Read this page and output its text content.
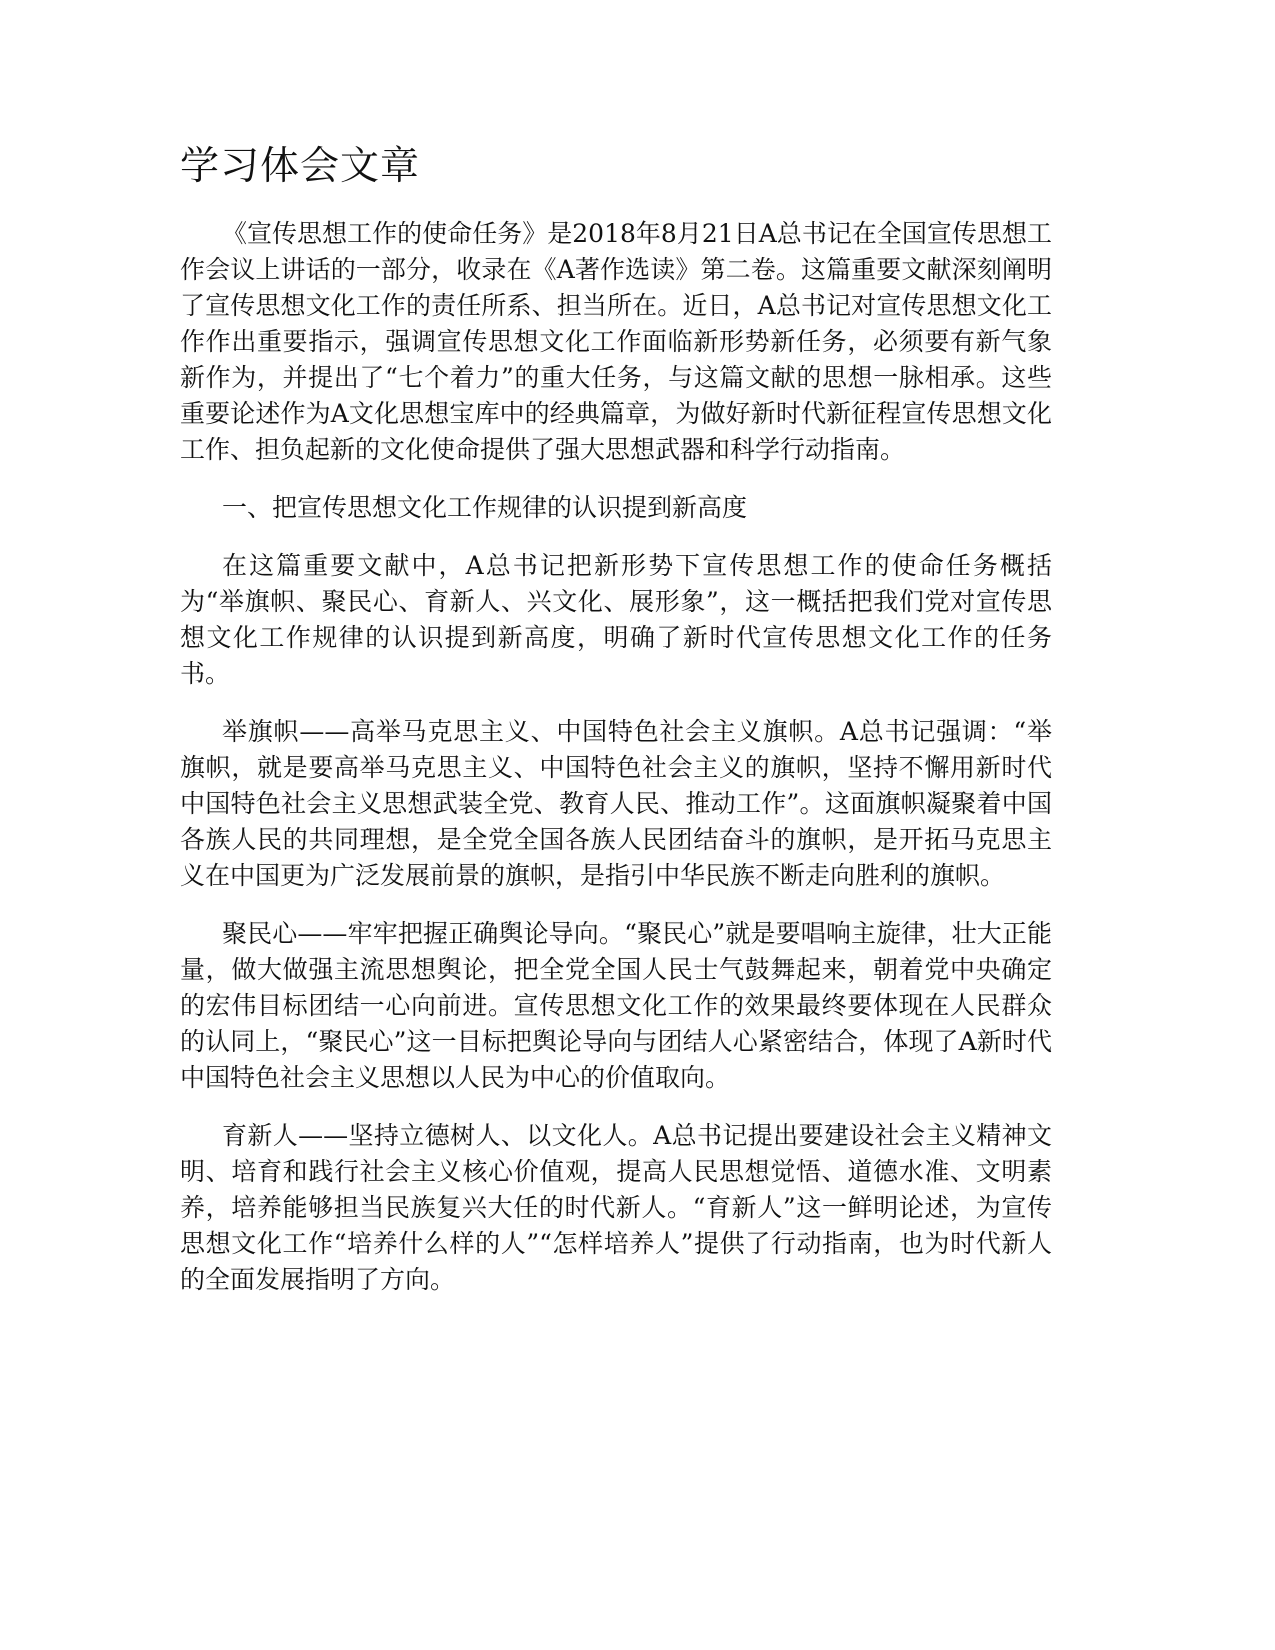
学习体会文章

《宣传思想工作的使命任务》是2018年8月21日A总书记在全国宣传思想工作会议上讲话的一部分，收录在《A著作选读》第二卷。这篇重要文献深刻阐明了宣传思想文化工作的责任所系、担当所在。近日，A总书记对宣传思想文化工作作出重要指示，强调宣传思想文化工作面临新形势新任务，必须要有新气象新作为，并提出了“七个着力”的重大任务，与这篇文献的思想一脉相承。这些重要论述作为A文化思想宝库中的经典篇章，为做好新时代新征程宣传思想文化工作、担负起新的文化使命提供了强大思想武器和科学行动指南。

一、把宣传思想文化工作规律的认识提到新高度

在这篇重要文献中，A总书记把新形势下宣传思想工作的使命任务概括为“举旗帜、聚民心、育新人、兴文化、展形象”，这一概括把我们党对宣传思想文化工作规律的认识提到新高度，明确了新时代宣传思想文化工作的任务书。

举旗帜——高举马克思主义、中国特色社会主义旗帜。A总书记强调：“举旗帜，就是要高举马克思主义、中国特色社会主义的旗帜，坚持不懈用新时代中国特色社会主义思想武装全党、教育人民、推动工作”。这面旗帜凝聚着中国各族人民的共同理想，是全党全国各族人民团结奋斗的旗帜，是开拓马克思主义在中国更为广泛发展前景的旗帜，是指引中华民族不断走向胜利的旗帜。

聚民心——牢牢把握正确舆论导向。“聚民心”就是要唱响主旋律，壮大正能量，做大做强主流思想舆论，把全党全国人民士气鼓舞起来，朝着党中央确定的宏伟目标团结一心向前进。宣传思想文化工作的效果最终要体现在人民群众的认同上，“聚民心”这一目标把舆论导向与团结人心紧密结合，体现了A新时代中国特色社会主义思想以人民为中心的价值取向。

育新人——坚持立德树人、以文化人。A总书记提出要建设社会主义精神文明、培育和践行社会主义核心价值观，提高人民思想觉悟、道德水准、文明素养，培养能够担当民族复兴大任的时代新人。“育新人”这一鲜明论述，为宣传思想文化工作“培养什么样的人”“怎样培养人”提供了行动指南，也为时代新人的全面发展指明了方向。
